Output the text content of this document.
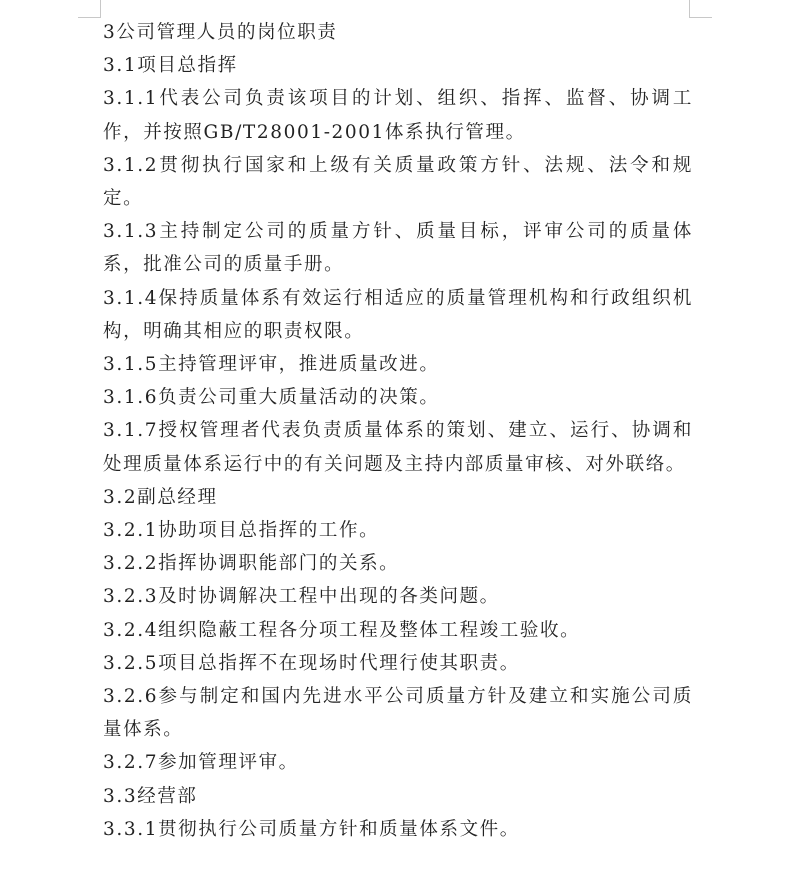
3公司管理人员的岗位职责

3.1项目总指挥

3.1.1代表公司负责该项目的计划、组织、指挥、监督、协调工作，并按照GB/T28001-2001体系执行管理。

3.1.2贯彻执行国家和上级有关质量政策方针、法规、法令和规定。

3.1.3主持制定公司的质量方针、质量目标，评审公司的质量体系，批准公司的质量手册。

3.1.4保持质量体系有效运行相适应的质量管理机构和行政组织机构，明确其相应的职责权限。

3.1.5主持管理评审，推进质量改进。

3.1.6负责公司重大质量活动的决策。

3.1.7授权管理者代表负责质量体系的策划、建立、运行、协调和处理质量体系运行中的有关问题及主持内部质量审核、对外联络。

3.2副总经理

3.2.1协助项目总指挥的工作。

3.2.2指挥协调职能部门的关系。

3.2.3及时协调解决工程中出现的各类问题。

3.2.4组织隐蔽工程各分项工程及整体工程竣工验收。

3.2.5项目总指挥不在现场时代理行使其职责。

3.2.6参与制定和国内先进水平公司质量方针及建立和实施公司质量体系。

3.2.7参加管理评审。

3.3经营部

3.3.1贯彻执行公司质量方针和质量体系文件。
